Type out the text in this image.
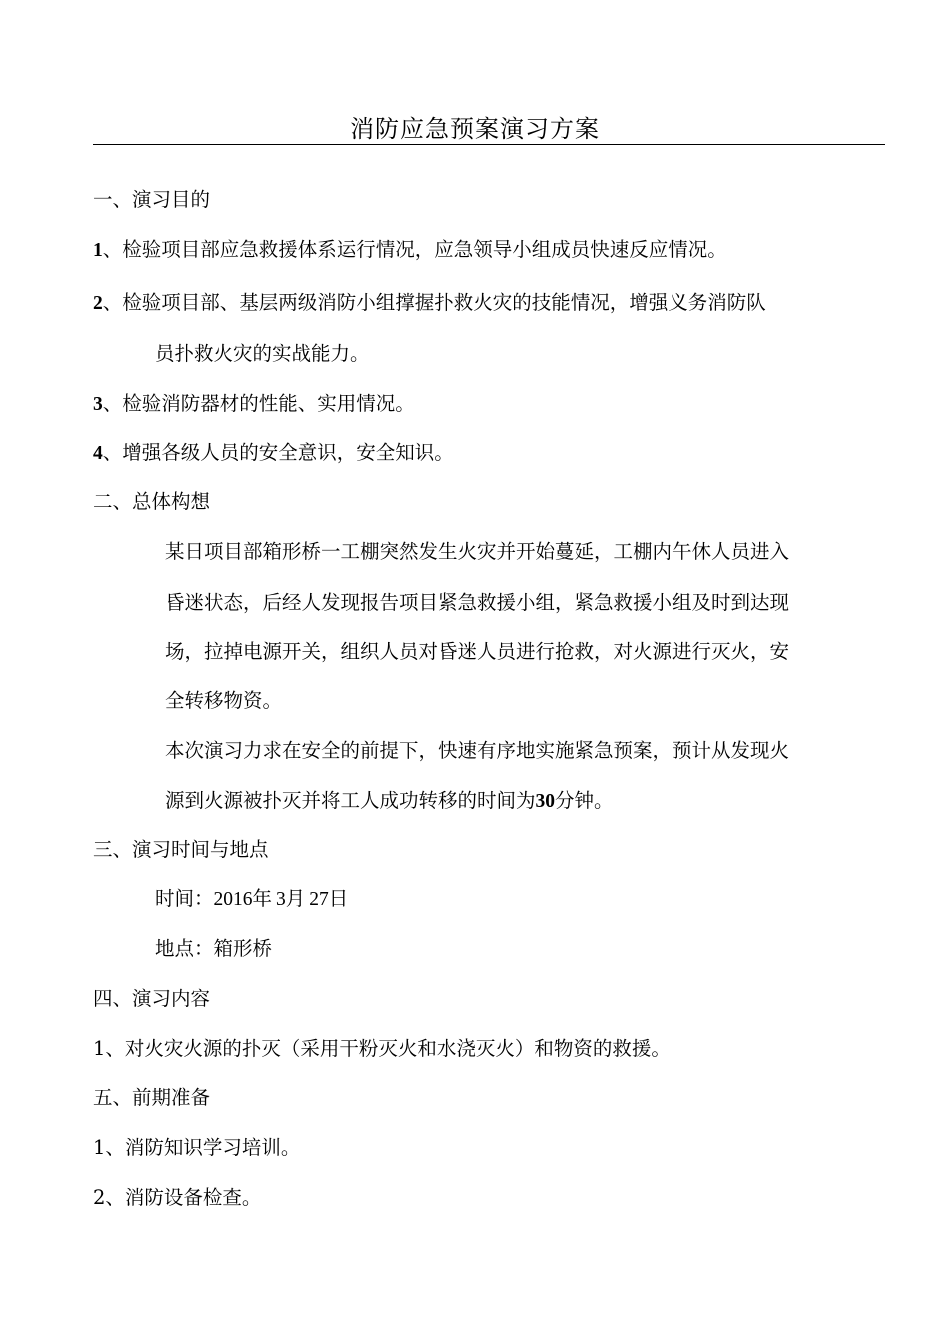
消防应急预案演习方案
一、演习目的
1、检验项目部应急救援体系运行情况，应急领导小组成员快速反应情况。
2、检验项目部、基层两级消防小组撑握扑救火灾的技能情况，增强义务消防队
员扑救火灾的实战能力。
3、检验消防器材的性能、实用情况。
4、增强各级人员的安全意识，安全知识。
二、总体构想
某日项目部箱形桥一工棚突然发生火灾并开始蔓延，工棚内午休人员进入
昏迷状态，后经人发现报告项目紧急救援小组，紧急救援小组及时到达现
场，拉掉电源开关，组织人员对昏迷人员进行抢救，对火源进行灭火，安
全转移物资。
本次演习力求在安全的前提下，快速有序地实施紧急预案，预计从发现火
源到火源被扑灭并将工人成功转移的时间为30分钟。
三、演习时间与地点
时间：2016年 3月 27日
地点：箱形桥
四、演习内容
1、对火灾火源的扑灭（采用干粉灭火和水浇灭火）和物资的救援。
五、前期准备
1、消防知识学习培训。
2、消防设备检查。
